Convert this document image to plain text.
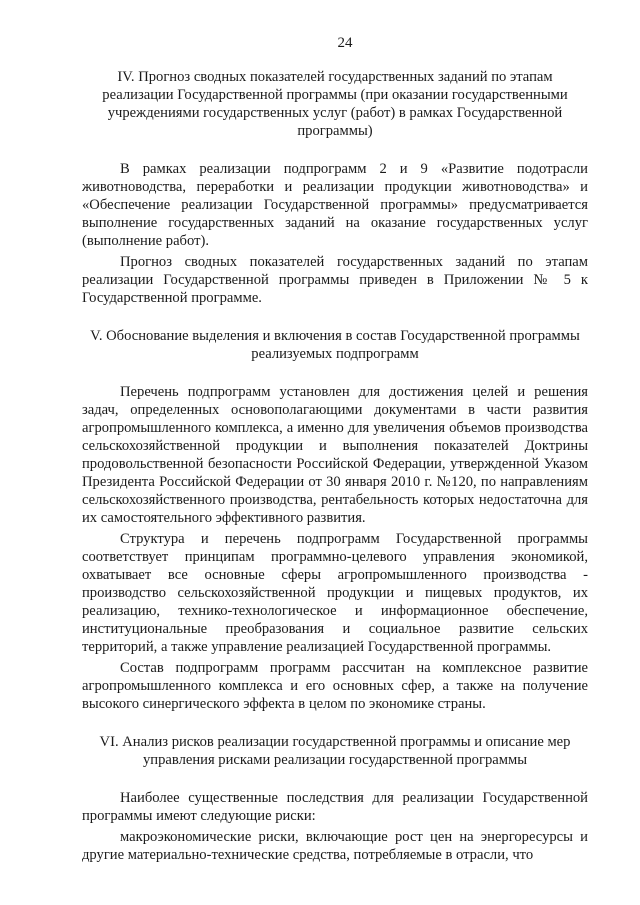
24
IV. Прогноз сводных показателей государственных заданий по этапам реализации Государственной программы (при оказании государственными учреждениями государственных услуг (работ) в рамках Государственной программы)

В рамках реализации подпрограмм 2 и 9 «Развитие подотрасли животноводства, переработки и реализации продукции животноводства» и «Обеспечение реализации Государственной программы» предусматривается выполнение государственных заданий на оказание государственных услуг (выполнение работ).

Прогноз сводных показателей государственных заданий по этапам реализации Государственной программы приведен в Приложении № 5 к Государственной программе.

V. Обоснование выделения и включения в состав Государственной программы реализуемых подпрограмм

Перечень подпрограмм установлен для достижения целей и решения задач, определенных основополагающими документами в части развития агропромышленного комплекса, а именно для увеличения объемов производства сельскохозяйственной продукции и выполнения показателей Доктрины продовольственной безопасности Российской Федерации, утвержденной Указом Президента Российской Федерации от 30 января 2010 г. №120, по направлениям сельскохозяйственного производства, рентабельность которых недостаточна для их самостоятельного эффективного развития.

Структура и перечень подпрограмм Государственной программы соответствует принципам программно-целевого управления экономикой, охватывает все основные сферы агропромышленного производства - производство сельскохозяйственной продукции и пищевых продуктов, их реализацию, технико-технологическое и информационное обеспечение, институциональные преобразования и социальное развитие сельских территорий, а также управление реализацией Государственной программы.

Состав подпрограмм программ рассчитан на комплексное развитие агропромышленного комплекса и его основных сфер, а также на получение высокого синергического эффекта в целом по экономике страны.

VI. Анализ рисков реализации государственной программы и описание мер управления рисками реализации государственной программы

Наиболее существенные последствия для реализации Государственной программы имеют следующие риски:

макроэкономические риски, включающие рост цен на энергоресурсы и другие материально-технические средства, потребляемые в отрасли, что
